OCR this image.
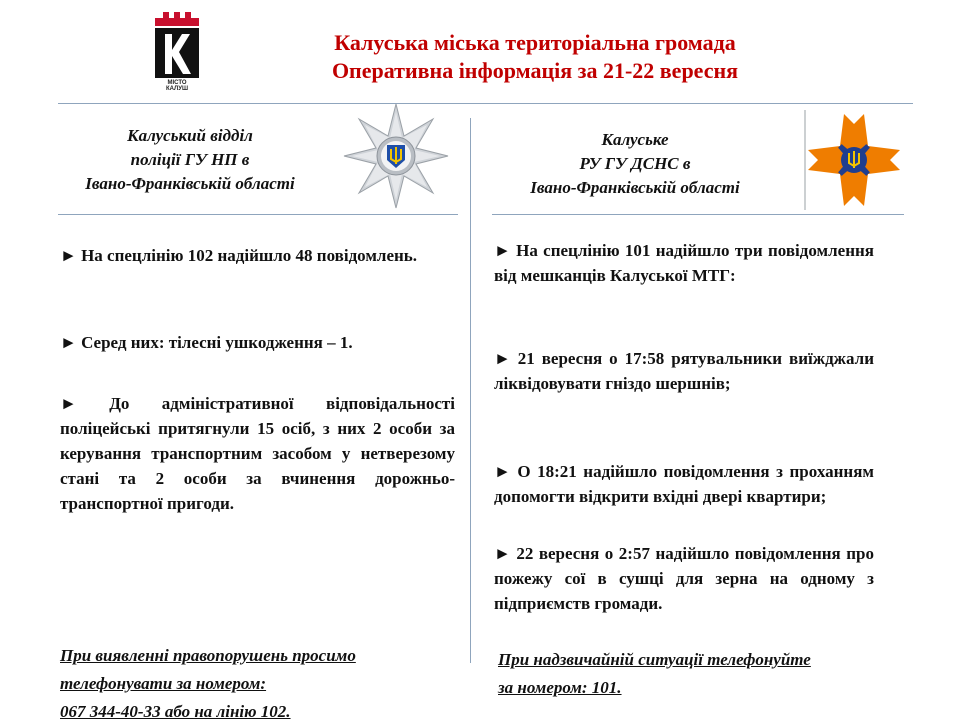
МІСТО
КАЛУШ
Калуська міська територіальна громада
Оперативна інформація за 21-22 вересня
Калуський відділ
поліції ГУ НП в
Івано-Франківській області
Калуське
РУ ГУ ДСНС в
Івано-Франківській області

► На спецлінію 102 надійшло 48 повідомлень.

► Серед них: тілесні ушкодження – 1.

► До адміністративної відповідальності поліцейські притягнули 15 осіб, з них 2 особи за керування транспортним засобом у нетверезому стані та 2 особи за вчинення дорожньо-транспортної пригоди.

При виявленні правопорушень просимо
телефонувати за номером:
067 344-40-33 або на лінію 102.

► На спецлінію 101 надійшло три повідомлення від мешканців Калуської МТГ:

► 21 вересня о 17:58 рятувальники виїжджали ліквідовувати гніздо шершнів;

► О 18:21 надійшло повідомлення з проханням допомогти відкрити вхідні двері квартири;

► 22 вересня о 2:57 надійшло повідомлення про пожежу сої в сушці для зерна на одному з підприємств громади.

При надзвичайній ситуації телефонуйте
за номером: 101.
